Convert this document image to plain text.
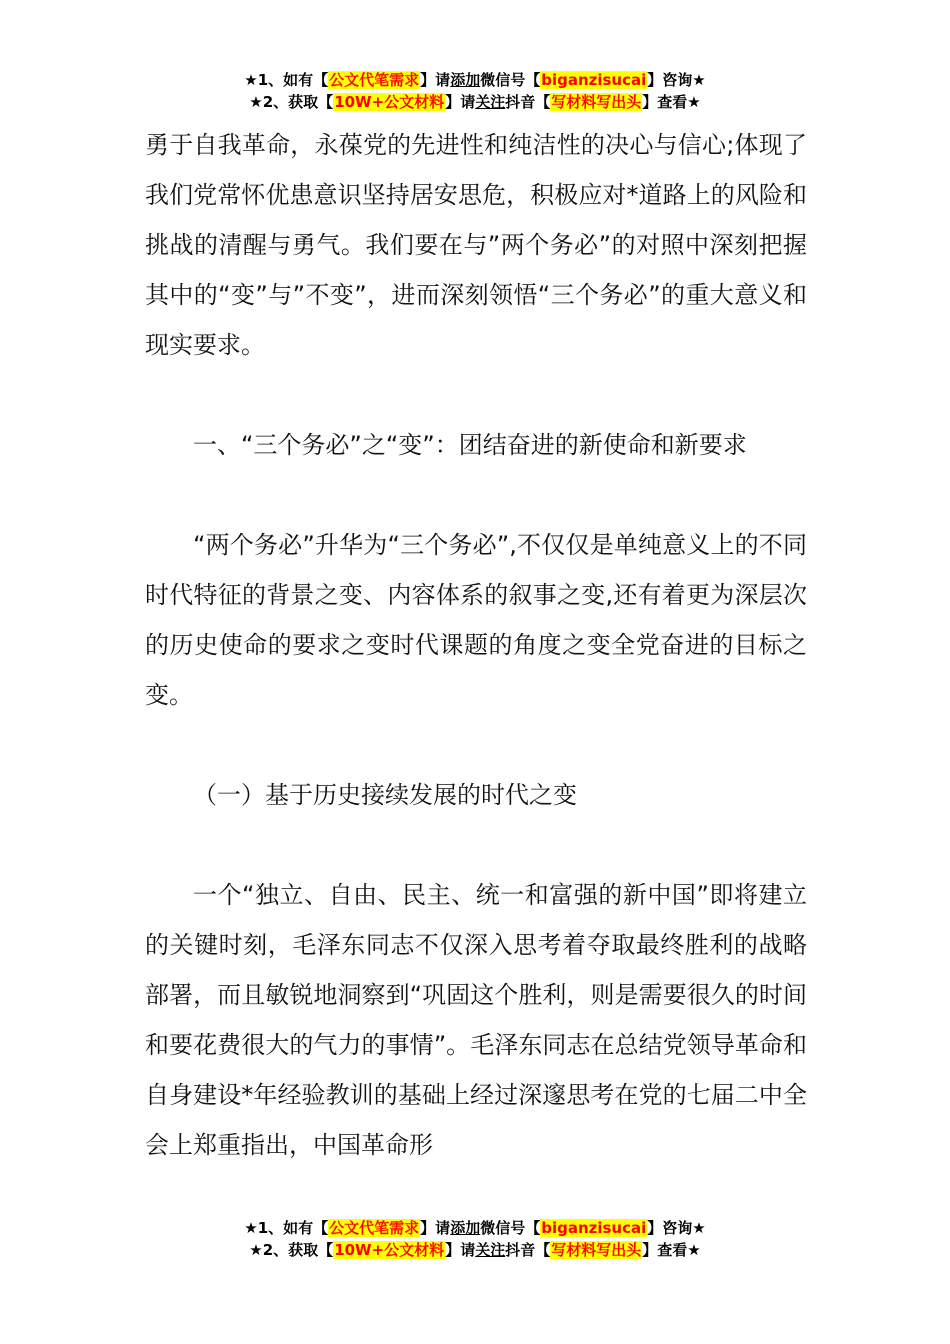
★1、如有【公文代笔需求】请添加微信号【biganzisucai】咨询★
★2、获取【10W+公文材料】请关注抖音【写材料写出头】查看★

勇于自我革命，永葆党的先进性和纯洁性的决心与信心;体现了我们党常怀优患意识坚持居安思危，积极应对*道路上的风险和挑战的清醒与勇气。我们要在与”两个务必”的对照中深刻把握其中的“变”与”不变”，进而深刻领悟“三个务必”的重大意义和现实要求。

一、“三个务必”之“变”：团结奋进的新使命和新要求

“两个务必”升华为“三个务必”,不仅仅是单纯意义上的不同时代特征的背景之变、内容体系的叙事之变,还有着更为深层次的历史使命的要求之变时代课题的角度之变全党奋进的目标之变。

（一）基于历史接续发展的时代之变

一个“独立、自由、民主、统一和富强的新中国”即将建立的关键时刻，毛泽东同志不仅深入思考着夺取最终胜利的战略部署，而且敏锐地洞察到“巩固这个胜利，则是需要很久的时间和要花费很大的气力的事情”。毛泽东同志在总结党领导革命和自身建设*年经验教训的基础上经过深邃思考在党的七届二中全会上郑重指出，中国革命形

★1、如有【公文代笔需求】请添加微信号【biganzisucai】咨询★
★2、获取【10W+公文材料】请关注抖音【写材料写出头】查看★
